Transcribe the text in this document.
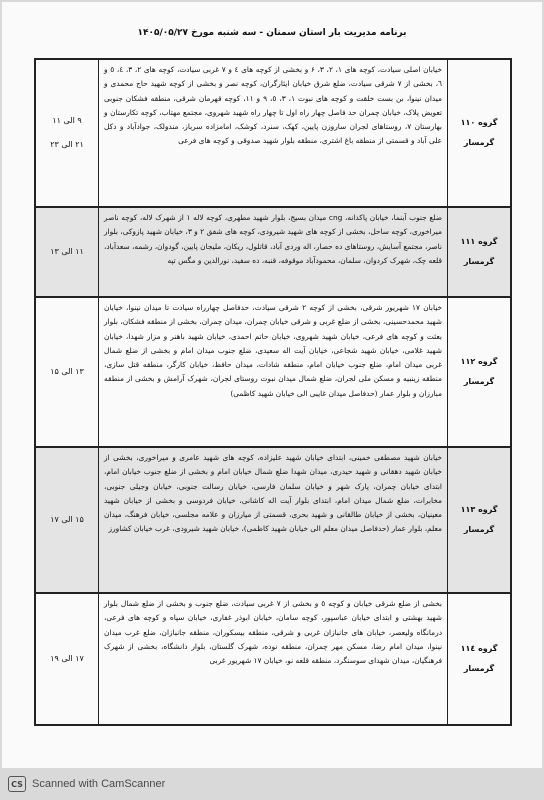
برنامه مدیریت بار استان سمنان - سه شنبه مورخ ۱۴۰۵/۰۵/۲۷
گروه ۱۱۰
گرمسار
خیابان اصلی سیادت، کوچه های ۱، ۲، ۳، ۶ و بخشی از کوچه های ٤ و ۷ غربی سیادت، کوچه های ۲، ۳، ٤، ٥ و ٦، بخشی از ۷ شرقی سیادت، ضلع شرق خیابان ایثارگران، کوچه نصر و بخشی از کوچه شهید حاج محمدی و میدان نینوا، بن بست خلقت و کوچه های نبوت ۱، ۳، ٥، ۹ و ۱۱، کوچه قهرمان شرقی، منطقه فشکان جنوبی تعویض پلاک، خیابان چمران حد فاصل چهار راه اول تا چهار راه شهید شهروی، مجتمع مهتاب، کوچه تکارستان و بهارستان ۷، روستاهای لجران ساروزن پایین، کهک، سنرد، کوشک، امامزاده سرباز، مندولک، جوادآباد و دکل علی آباد و قسمتی از منطقه باغ اشتری، منطقه بلوار شهید صدوقی و کوچه های فرعی
۹ الی ۱۱
۲۱ الی ۲۳
گروه ۱۱۱
گرمسار
ضلع جنوب آبنما، خیابان پاکدانه، cng میدان بسیج، بلوار شهید مطهری، کوچه لاله ۱ از شهرک لاله، کوچه ناصر میراخوری، کوچه ساحل، بخشی از کوچه های شهید شیرودی، کوچه های شفق ۲ و ۳، خیابان شهید پازوکی، بلوار ناصر، مجتمع آسایش، روستاهای ده حصار، اله وردی آباد، قاتلول، ریکان، ملیجان پایین، گودوان، رشمه، سعدآباد، قلعه چک، شهرک کردوان، سلمان، محمودآباد موقوفه، قنبه، ده سفید، نورالدین و مگس تپه
۱۱ الی ۱۳
گروه ۱۱۲
گرمسار
خیابان ۱۷ شهریور شرقی، بخشی از کوچه ۲ شرقی سیادت، حدفاصل چهارراه سیادت تا میدان نینوا، خیابان شهید محمدحسینی، بخشی از ضلع غربی و شرقی خیابان چمران، میدان چمران، بخشی از منطقه فشکان، بلوار بعثت و کوچه های فرعی، خیابان شهید شهروی، خیابان حاتم احمدی، خیابان شهید باهنر و مزار شهدا، خیابان شهید غلامی، خیابان شهید شجاعی، خیابان آیت اله سعیدی، ضلع جنوب میدان امام و بخشی از ضلع شمال غربی میدان امام، ضلع جنوب خیابان امام، منطقه شادات، میدان حافظ، خیابان کارگر، منطقه قتل سازی، منطقه زینبیه و مسکن ملی لجران، ضلع شمال میدان نبوت روستای لجران، شهرک آرامش و بخشی از منطقه مبارزان و بلوار عمار (حدفاصل میدان غایبی الی خیابان شهید کاظمی)
۱۳ الی ۱۵
گروه ۱۱۳
گرمسار
خیابان شهید مصطفی خمینی، ابتدای خیابان شهید علیزاده، کوچه های شهید عامری و میراخوری، بخشی از خیابان شهید دهقانی و شهید حیدری، میدان شهدا ضلع شمال خیابان امام و بخشی از ضلع جنوب خیابان امام، ابتدای خیابان چمران، پارک شهر و خیابان سلمان فارسی، خیابان رسالت جنوبی، خیابان وجیلی جنوبی، مخابرات، ضلع شمال میدان امام، ابتدای بلوار آیت اله کاشانی، خیابان فردوسی و بخشی از خیابان شهید معینیان، بخشی از خیابان طالقانی و شهید بحری، قسمتی از میارزان و علامه مجلسی، خیابان فرهنگ، میدان معلم، بلوار عمار (حدفاصل میدان معلم الی خیابان شهید کاظمی)، خیابان شهید شیرودی، غرب خیابان کشاورز
۱۵ الی ۱۷
گروه ۱۱٤
گرمسار
بخشی از ضلع شرقی خیابان و کوچه ٥ و بخشی از ۷ غربی سیادت، ضلع جنوب و بخشی از ضلع شمال بلوار شهید بهشتی و ابتدای خیابان عباسپور، کوچه سامان، خیابان ابوذر غفاری، خیابان سپاه و کوچه های فرعی، درمانگاه ولیعصر، خیابان های جانبازان غربی و شرقی، منطقه بیسکوران، منطقه جانبازان، ضلع غرب میدان نینوا، میدان امام رضا، مسکن مهر چمران، منطقه نوده، شهرک گلستان، بلوار دانشگاه، بخشی از شهرک فرهنگیان، میدان شهدای سوسنگرد، منطقه قلعه نو، خیابان ۱۷ شهریور غربی
۱۷ الی ۱۹
CS Scanned with CamScanner
